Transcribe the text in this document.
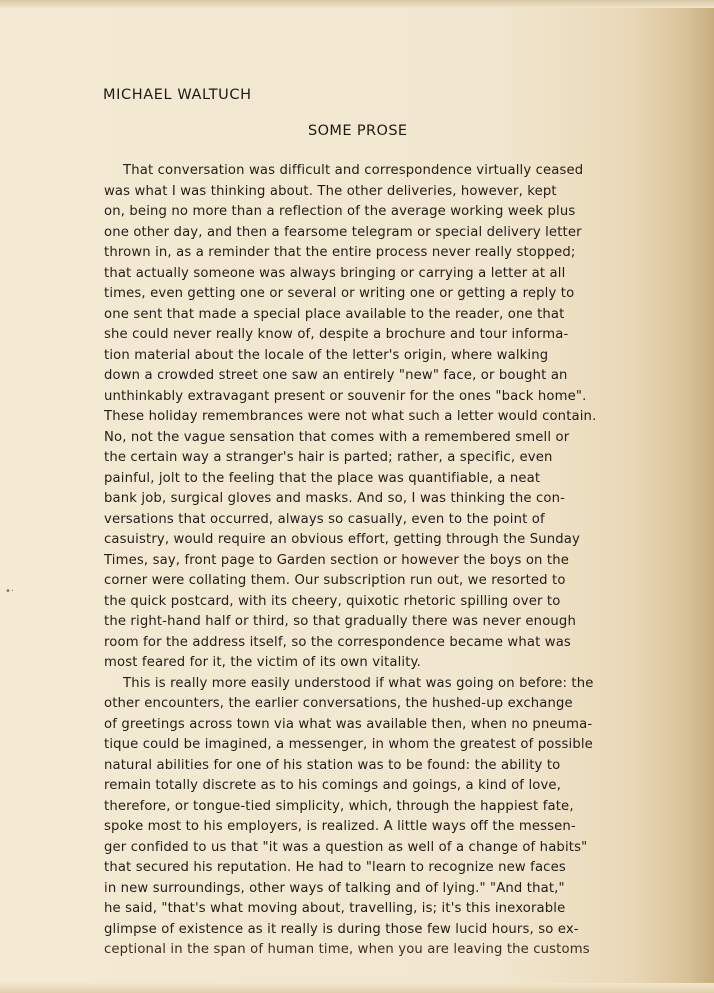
MICHAEL WALTUCH
SOME PROSE
That conversation was difficult and correspondence virtually ceased
was what I was thinking about. The other deliveries, however, kept
on, being no more than a reflection of the average working week plus
one other day, and then a fearsome telegram or special delivery letter
thrown in, as a reminder that the entire process never really stopped;
that actually someone was always bringing or carrying a letter at all
times, even getting one or several or writing one or getting a reply to
one sent that made a special place available to the reader, one that
she could never really know of, despite a brochure and tour informa-
tion material about the locale of the letter's origin, where walking
down a crowded street one saw an entirely "new" face, or bought an
unthinkably extravagant present or souvenir for the ones "back home".
These holiday remembrances were not what such a letter would contain.
No, not the vague sensation that comes with a remembered smell or
the certain way a stranger's hair is parted; rather, a specific, even
painful, jolt to the feeling that the place was quantifiable, a neat
bank job, surgical gloves and masks. And so, I was thinking the con-
versations that occurred, always so casually, even to the point of
casuistry, would require an obvious effort, getting through the Sunday
Times, say, front page to Garden section or however the boys on the
corner were collating them. Our subscription run out, we resorted to
the quick postcard, with its cheery, quixotic rhetoric spilling over to
the right-hand half or third, so that gradually there was never enough
room for the address itself, so the correspondence became what was
most feared for it, the victim of its own vitality.
This is really more easily understood if what was going on before: the
other encounters, the earlier conversations, the hushed-up exchange
of greetings across town via what was available then, when no pneuma-
tique could be imagined, a messenger, in whom the greatest of possible
natural abilities for one of his station was to be found: the ability to
remain totally discrete as to his comings and goings, a kind of love,
therefore, or tongue-tied simplicity, which, through the happiest fate,
spoke most to his employers, is realized. A little ways off the messen-
ger confided to us that "it was a question as well of a change of habits"
that secured his reputation. He had to "learn to recognize new faces
in new surroundings, other ways of talking and of lying." "And that,"
he said, "that's what moving about, travelling, is; it's this inexorable
glimpse of existence as it really is during those few lucid hours, so ex-
ceptional in the span of human time, when you are leaving the customs
•·
